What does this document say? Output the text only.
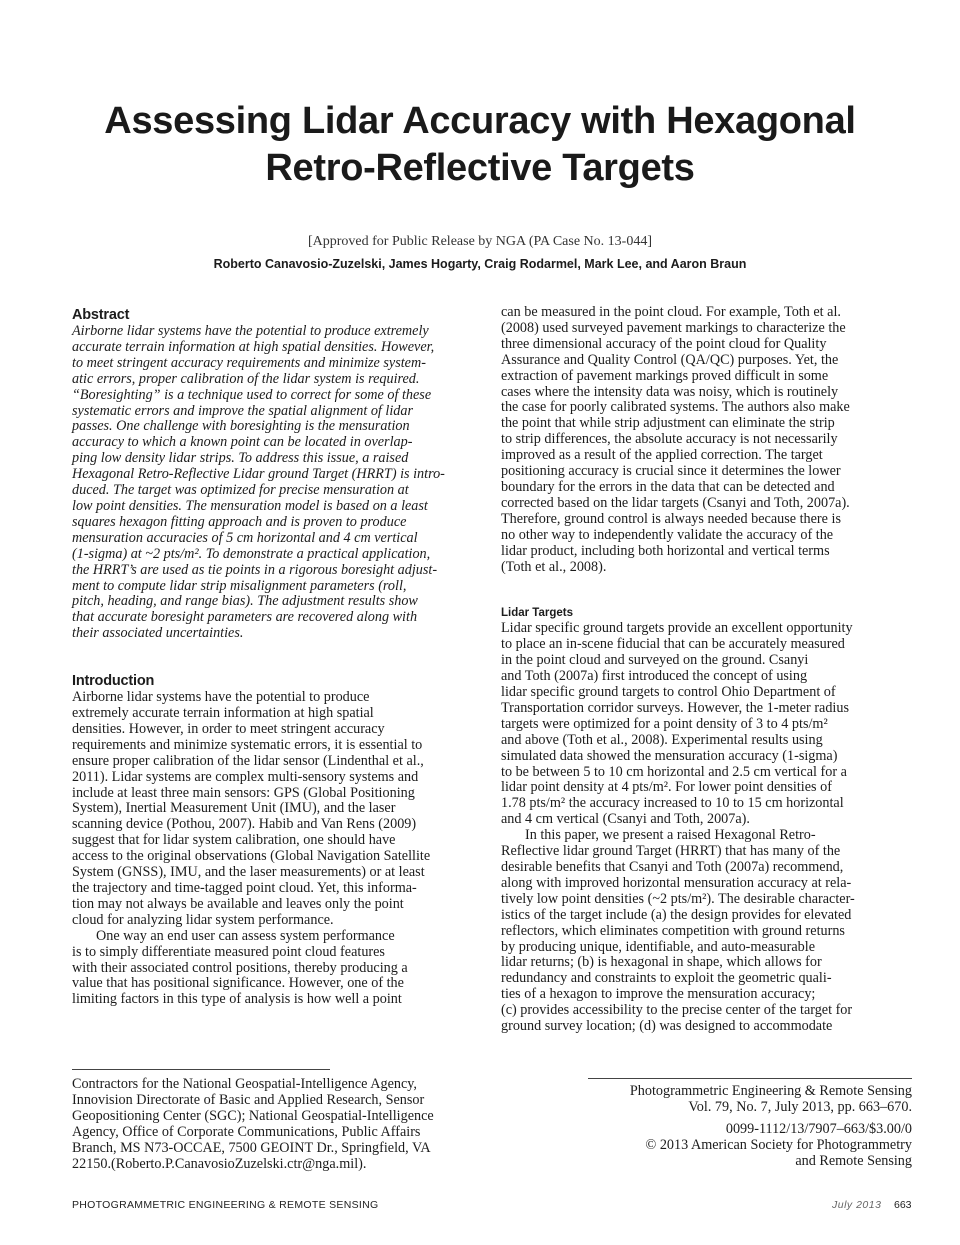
Assessing Lidar Accuracy with Hexagonal
Retro-Reflective Targets
[Approved for Public Release by NGA (PA Case No. 13-044]
Roberto Canavosio-Zuzelski, James Hogarty, Craig Rodarmel, Mark Lee, and Aaron Braun
Abstract
Airborne lidar systems have the potential to produce extremely
accurate terrain information at high spatial densities. However,
to meet stringent accuracy requirements and minimize system-
atic errors, proper calibration of the lidar system is required.
“Boresighting” is a technique used to correct for some of these
systematic errors and improve the spatial alignment of lidar
passes. One challenge with boresighting is the mensuration
accuracy to which a known point can be located in overlap-
ping low density lidar strips. To address this issue, a raised
Hexagonal Retro-Reflective Lidar ground Target (HRRT) is intro-
duced. The target was optimized for precise mensuration at
low point densities. The mensuration model is based on a least
squares hexagon fitting approach and is proven to produce
mensuration accuracies of 5 cm horizontal and 4 cm vertical
(1-sigma) at ~2 pts/m². To demonstrate a practical application,
the HRRT’s are used as tie points in a rigorous boresight adjust-
ment to compute lidar strip misalignment parameters (roll,
pitch, heading, and range bias). The adjustment results show
that accurate boresight parameters are recovered along with
their associated uncertainties.
Introduction
Airborne lidar systems have the potential to produce
extremely accurate terrain information at high spatial
densities. However, in order to meet stringent accuracy
requirements and minimize systematic errors, it is essential to
ensure proper calibration of the lidar sensor (Lindenthal et al.,
2011). Lidar systems are complex multi-sensory systems and
include at least three main sensors: GPS (Global Positioning
System), Inertial Measurement Unit (IMU), and the laser
scanning device (Pothou, 2007). Habib and Van Rens (2009)
suggest that for lidar system calibration, one should have
access to the original observations (Global Navigation Satellite
System (GNSS), IMU, and the laser measurements) or at least
the trajectory and time-tagged point cloud. Yet, this informa-
tion may not always be available and leaves only the point
cloud for analyzing lidar system performance.
One way an end user can assess system performance
is to simply differentiate measured point cloud features
with their associated control positions, thereby producing a
value that has positional significance. However, one of the
limiting factors in this type of analysis is how well a point
can be measured in the point cloud. For example, Toth et al.
(2008) used surveyed pavement markings to characterize the
three dimensional accuracy of the point cloud for Quality
Assurance and Quality Control (QA/QC) purposes. Yet, the
extraction of pavement markings proved difficult in some
cases where the intensity data was noisy, which is routinely
the case for poorly calibrated systems. The authors also make
the point that while strip adjustment can eliminate the strip
to strip differences, the absolute accuracy is not necessarily
improved as a result of the applied correction. The target
positioning accuracy is crucial since it determines the lower
boundary for the errors in the data that can be detected and
corrected based on the lidar targets (Csanyi and Toth, 2007a).
Therefore, ground control is always needed because there is
no other way to independently validate the accuracy of the
lidar product, including both horizontal and vertical terms
(Toth et al., 2008).
Lidar Targets
Lidar specific ground targets provide an excellent opportunity
to place an in-scene fiducial that can be accurately measured
in the point cloud and surveyed on the ground. Csanyi
and Toth (2007a) first introduced the concept of using
lidar specific ground targets to control Ohio Department of
Transportation corridor surveys. However, the 1-meter radius
targets were optimized for a point density of 3 to 4 pts/m²
and above (Toth et al., 2008). Experimental results using
simulated data showed the mensuration accuracy (1-sigma)
to be between 5 to 10 cm horizontal and 2.5 cm vertical for a
lidar point density at 4 pts/m². For lower point densities of
1.78 pts/m² the accuracy increased to 10 to 15 cm horizontal
and 4 cm vertical (Csanyi and Toth, 2007a).
In this paper, we present a raised Hexagonal Retro-
Reflective lidar ground Target (HRRT) that has many of the
desirable benefits that Csanyi and Toth (2007a) recommend,
along with improved horizontal mensuration accuracy at rela-
tively low point densities (~2 pts/m²). The desirable character-
istics of the target include (a) the design provides for elevated
reflectors, which eliminates competition with ground returns
by producing unique, identifiable, and auto-measurable
lidar returns; (b) is hexagonal in shape, which allows for
redundancy and constraints to exploit the geometric quali-
ties of a hexagon to improve the mensuration accuracy;
(c) provides accessibility to the precise center of the target for
ground survey location; (d) was designed to accommodate
Contractors for the National Geospatial-Intelligence Agency,
Innovision Directorate of Basic and Applied Research, Sensor
Geopositioning Center (SGC); National Geospatial-Intelligence
Agency, Office of Corporate Communications, Public Affairs
Branch, MS N73-OCCAE, 7500 GEOINT Dr., Springfield, VA
22150.(Roberto.P.CanavosioZuzelski.ctr@nga.mil).
Photogrammetric Engineering & Remote Sensing
Vol. 79, No. 7, July 2013, pp. 663–670.
0099-1112/13/7907–663/$3.00/0
© 2013 American Society for Photogrammetry
and Remote Sensing
PHOTOGRAMMETRIC ENGINEERING & REMOTE SENSING	July 2013 663
